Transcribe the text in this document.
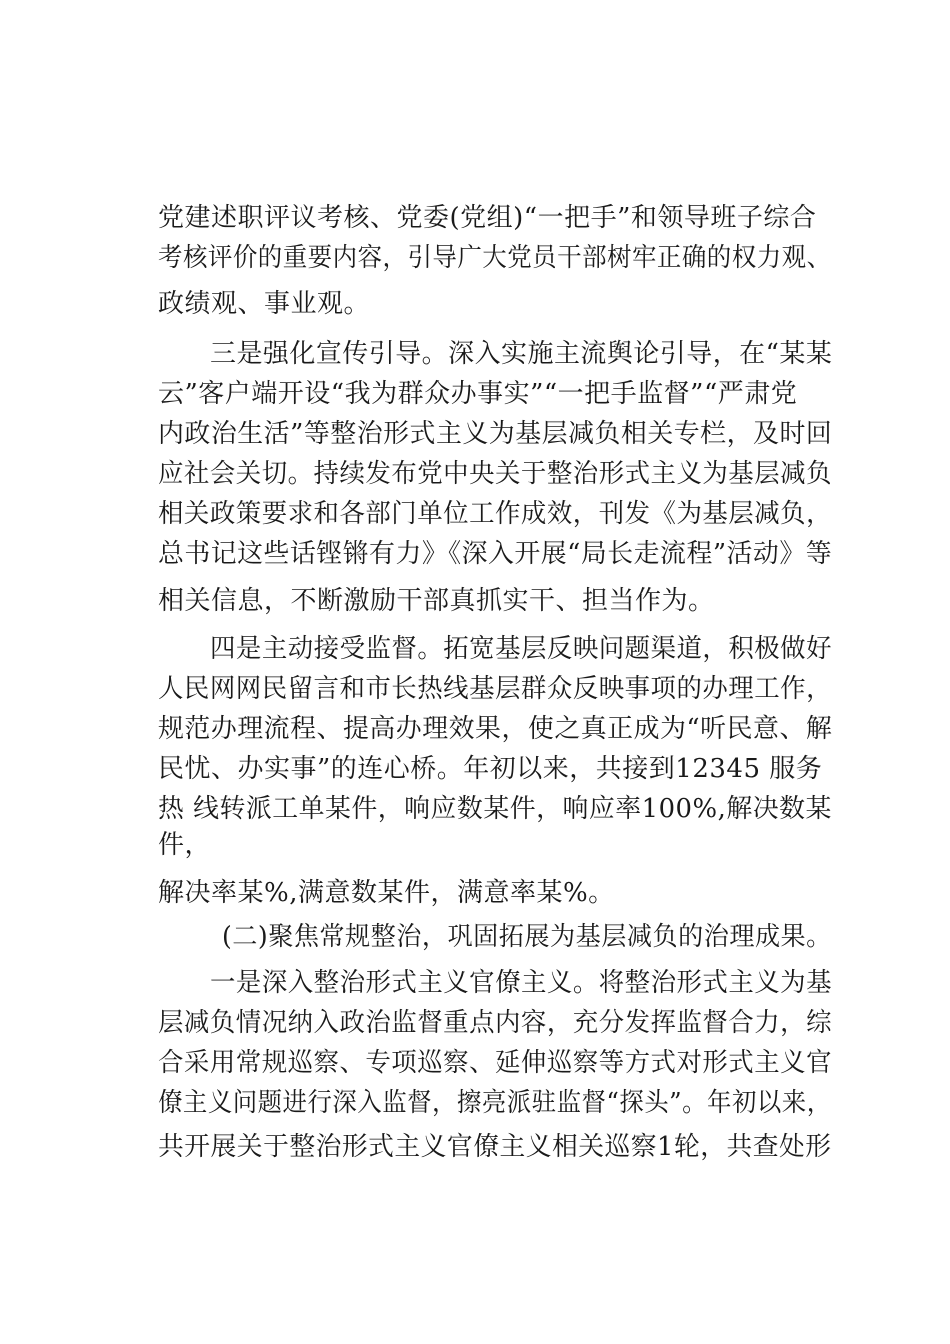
党建述职评议考核、党委(党组)“一把手”和领导班子综合
考核评价的重要内容，引导广大党员干部树牢正确的权力观、
政绩观、事业观。
三是强化宣传引导。深入实施主流舆论引导，在“某某
云”客户端开设“我为群众办事实”“一把手监督”“严肃党
内政治生活”等整治形式主义为基层减负相关专栏，及时回
应社会关切。持续发布党中央关于整治形式主义为基层减负
相关政策要求和各部门单位工作成效，刊发《为基层减负，
总书记这些话铿锵有力》《深入开展“局长走流程”活动》等
相关信息，不断激励干部真抓实干、担当作为。
四是主动接受监督。拓宽基层反映问题渠道，积极做好
人民网网民留言和市长热线基层群众反映事项的办理工作，
规范办理流程、提高办理效果，使之真正成为“听民意、解
民忧、办实事”的连心桥。年初以来，共接到12345 服务
热 线转派工单某件，响应数某件，响应率100%,解决数某
件，
解决率某%,满意数某件，满意率某%。
(二)聚焦常规整治，巩固拓展为基层减负的治理成果。
一是深入整治形式主义官僚主义。将整治形式主义为基
层减负情况纳入政治监督重点内容，充分发挥监督合力，综
合采用常规巡察、专项巡察、延伸巡察等方式对形式主义官
僚主义问题进行深入监督，擦亮派驻监督“探头”。年初以来，
共开展关于整治形式主义官僚主义相关巡察1轮，共查处形
